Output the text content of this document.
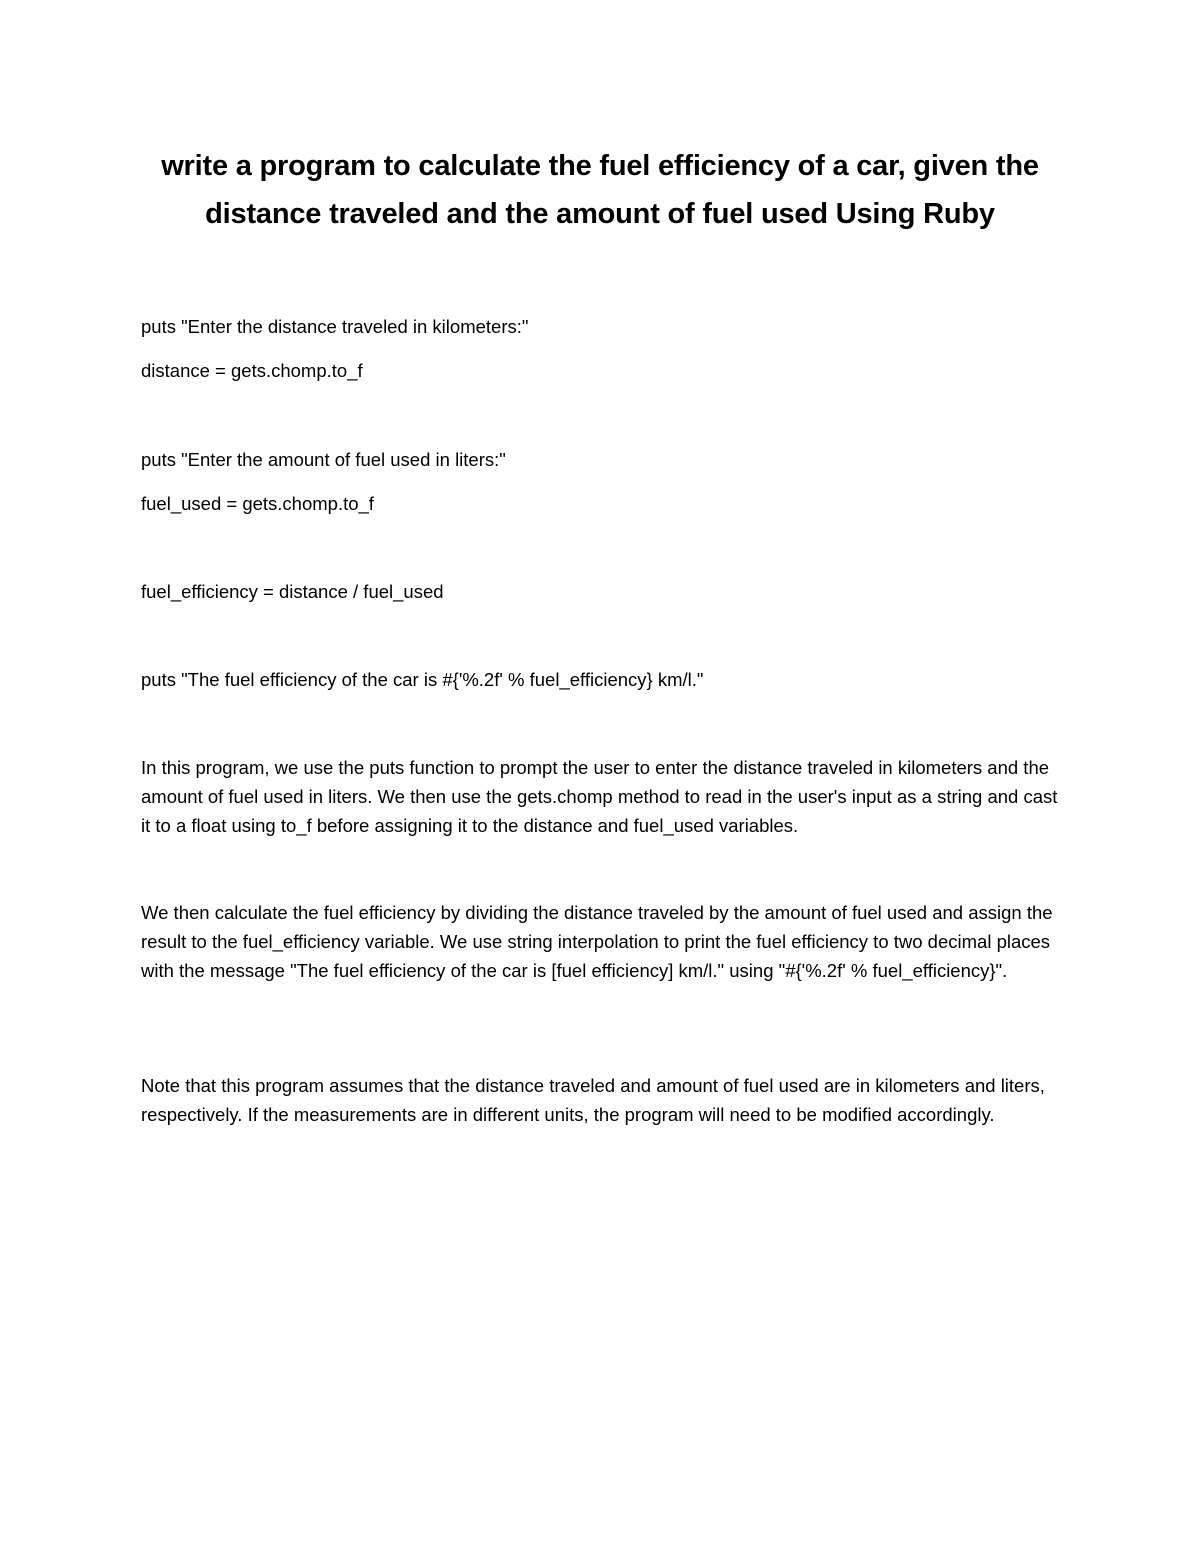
write a program to calculate the fuel efficiency of a car, given the distance traveled and the amount of fuel used Using Ruby

puts "Enter the distance traveled in kilometers:"

distance = gets.chomp.to_f

puts "Enter the amount of fuel used in liters:"

fuel_used = gets.chomp.to_f

fuel_efficiency = distance / fuel_used

puts "The fuel efficiency of the car is #{'%.2f' % fuel_efficiency} km/l."

In this program, we use the puts function to prompt the user to enter the distance traveled in kilometers and the amount of fuel used in liters. We then use the gets.chomp method to read in the user's input as a string and cast it to a float using to_f before assigning it to the distance and fuel_used variables.

We then calculate the fuel efficiency by dividing the distance traveled by the amount of fuel used and assign the result to the fuel_efficiency variable. We use string interpolation to print the fuel efficiency to two decimal places with the message "The fuel efficiency of the car is [fuel efficiency] km/l." using "#{'%.2f' % fuel_efficiency}".

Note that this program assumes that the distance traveled and amount of fuel used are in kilometers and liters, respectively. If the measurements are in different units, the program will need to be modified accordingly.
